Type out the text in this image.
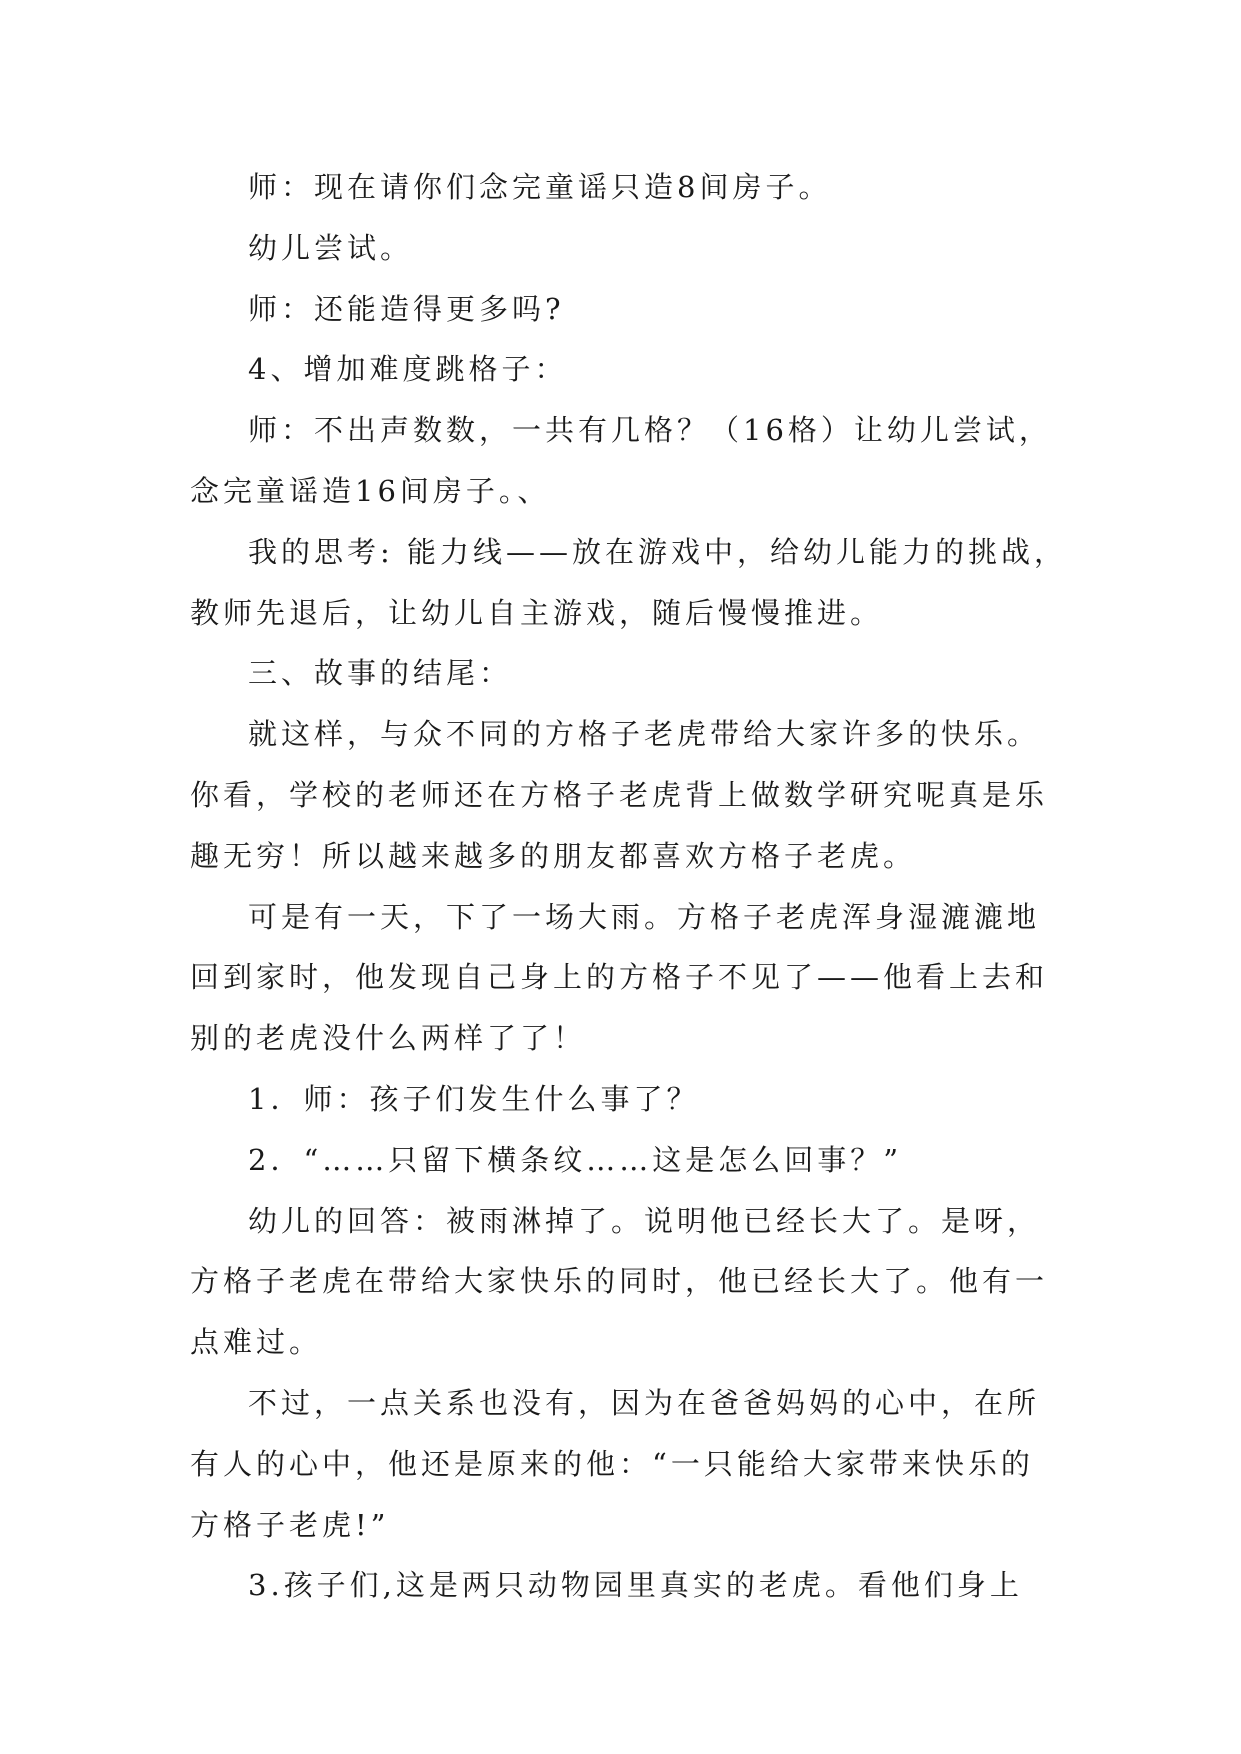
师：现在请你们念完童谣只造8间房子。

幼儿尝试。

师：还能造得更多吗?

4、增加难度跳格子：

师：不出声数数，一共有几格？（16格）让幼儿尝试，
念完童谣造16间房子。、

我的思考: 能力线——放在游戏中，给幼儿能力的挑战，
教师先退后，让幼儿自主游戏，随后慢慢推进。

三、故事的结尾：

就这样，与众不同的方格子老虎带给大家许多的快乐。
你看，学校的老师还在方格子老虎背上做数学研究呢真是乐
趣无穷！所以越来越多的朋友都喜欢方格子老虎。

可是有一天，下了一场大雨。方格子老虎浑身湿漉漉地
回到家时，他发现自己身上的方格子不见了——他看上去和
别的老虎没什么两样了了！

1．师：孩子们发生什么事了？

2．“……只留下横条纹……这是怎么回事？”

幼儿的回答：被雨淋掉了。说明他已经长大了。是呀，
方格子老虎在带给大家快乐的同时，他已经长大了。他有一
点难过。

不过，一点关系也没有，因为在爸爸妈妈的心中，在所
有人的心中，他还是原来的他：“一只能给大家带来快乐的
方格子老虎!”

3.孩子们,这是两只动物园里真实的老虎。看他们身上
